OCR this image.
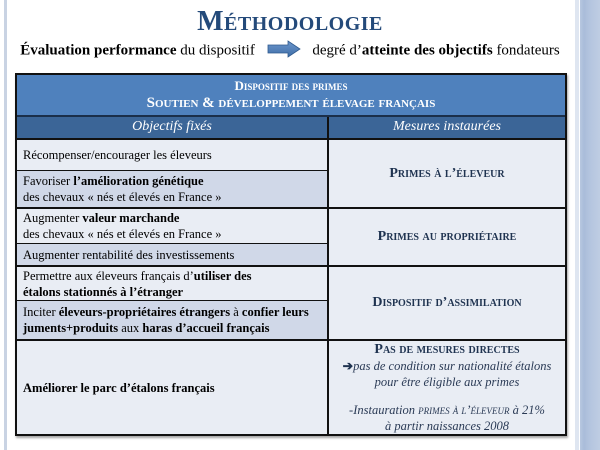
Méthodologie
Évaluation performance du dispositif	degré d’atteinte des objectifs fondateurs
Dispositif des primes
Soutien & développement élevage français
Objectifs fixés	Mesures instaurées
Récompenser/encourager les éleveurs
Favoriser l’amélioration génétique
des chevaux « nés et élevés en France »
Augmenter valeur marchande
des chevaux « nés et élevés en France »
Augmenter rentabilité des investissements
Permettre aux éleveurs français d’utiliser des
étalons stationnés à l’étranger
Inciter éleveurs-propriétaires étrangers à confier leurs
juments+produits aux haras d’accueil français
Améliorer le parc d’étalons français
Primes à l’éleveur
Primes au propriétaire
Dispositif d’assimilation
Pas de mesures directes
➔pas de condition sur nationalité étalons
pour être éligible aux primes
-Instauration primes à l’éleveur à 21%
à partir naissances 2008
